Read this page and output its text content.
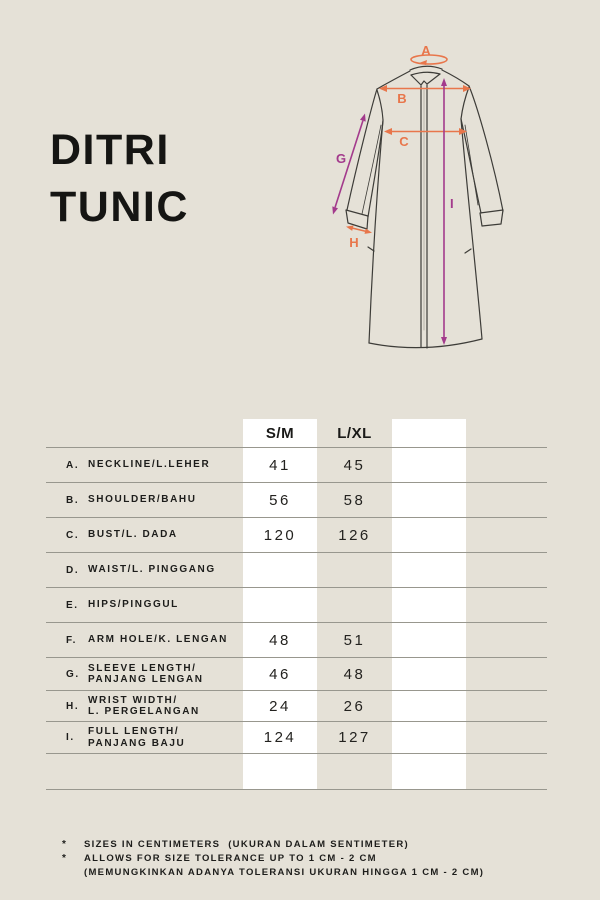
DITRI
TUNIC
A
B
C
G
H
I
S/M	L/XL
A. NECKLINE/L.LEHER	41	45
B. SHOULDER/BAHU	56	58
C. BUST/L. DADA	120	126
D. WAIST/L. PINGGANG
E. HIPS/PINGGUL
F.	ARM HOLE/K. LENGAN	48	51
G.
SLEEVE LENGTH/
PANJANG LENGAN	46	48
H.
WRIST WIDTH/
L. PERGELANGAN	24	26
I.
FULL LENGTH/
PANJANG BAJU	124	127
*	SIZES IN CENTIMETERS  (UKURAN DALAM SENTIMETER)
*	ALLOWS FOR SIZE TOLERANCE UP TO 1 CM - 2 CM
(MEMUNGKINKAN ADANYA TOLERANSI UKURAN HINGGA 1 CM - 2 CM)
